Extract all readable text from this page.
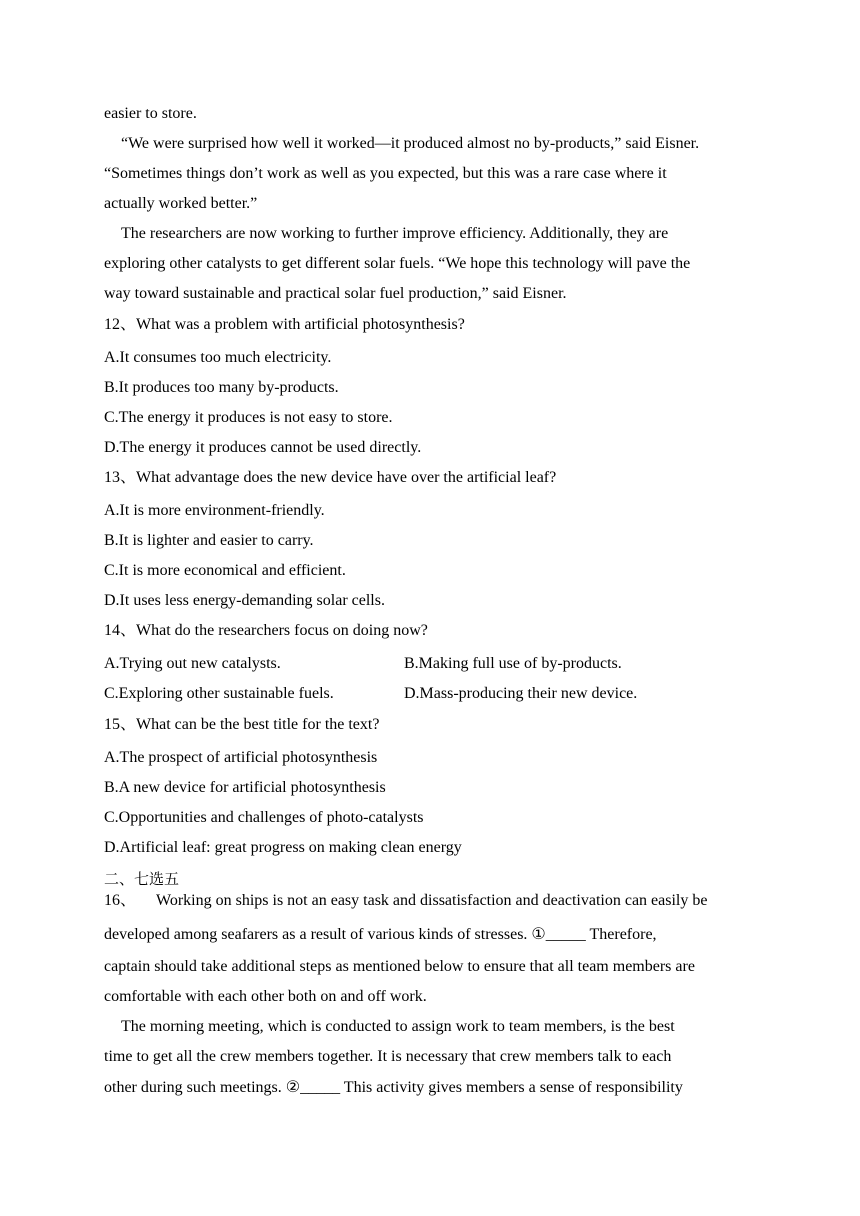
easier to store.
“We were surprised how well it worked—it produced almost no by-products,” said Eisner.
“Sometimes things don’t work as well as you expected, but this was a rare case where it
actually worked better.”
The researchers are now working to further improve efficiency. Additionally, they are
exploring other catalysts to get different solar fuels. “We hope this technology will pave the
way toward sustainable and practical solar fuel production,” said Eisner.
12、What was a problem with artificial photosynthesis?
A.It consumes too much electricity.
B.It produces too many by-products.
C.The energy it produces is not easy to store.
D.The energy it produces cannot be used directly.
13、What advantage does the new device have over the artificial leaf?
A.It is more environment-friendly.
B.It is lighter and easier to carry.
C.It is more economical and efficient.
D.It uses less energy-demanding solar cells.
14、What do the researchers focus on doing now?
A.Trying out new catalysts.	B.Making full use of by-products.
C.Exploring other sustainable fuels.	D.Mass-producing their new device.
15、What can be the best title for the text?
A.The prospect of artificial photosynthesis
B.A new device for artificial photosynthesis
C.Opportunities and challenges of photo-catalysts
D.Artificial leaf: great progress on making clean energy
二、七选五
16、     Working on ships is not an easy task and dissatisfaction and deactivation can easily be
developed among seafarers as a result of various kinds of stresses. ①_____ Therefore,
captain should take additional steps as mentioned below to ensure that all team members are
comfortable with each other both on and off work.
The morning meeting, which is conducted to assign work to team members, is the best
time to get all the crew members together. It is necessary that crew members talk to each
other during such meetings. ②_____ This activity gives members a sense of responsibility
